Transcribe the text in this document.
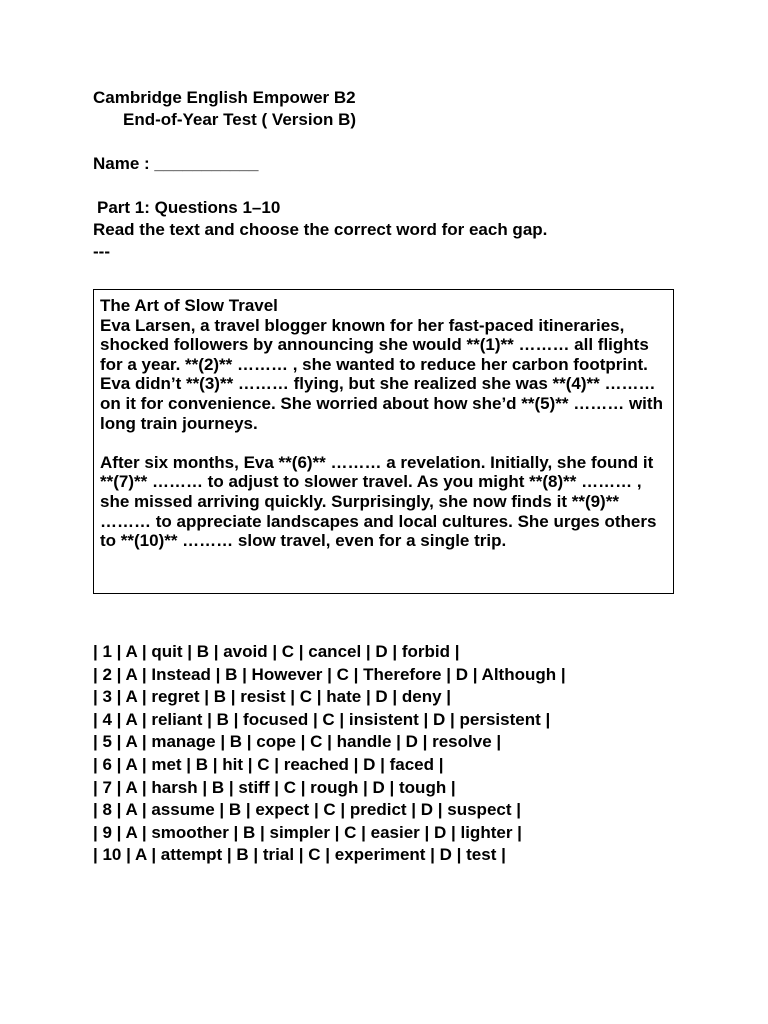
Cambridge English Empower B2
End-of-Year Test ( Version B)
Name : ___________
Part 1: Questions 1–10
Read the text and choose the correct word for each gap.
---

The Art of Slow Travel

Eva Larsen, a travel blogger known for her fast-paced itineraries, shocked followers by announcing she would **(1)** ……… all flights for a year. **(2)** ……… , she wanted to reduce her carbon footprint. Eva didn’t **(3)** ……… flying, but she realized she was **(4)** ……… on it for convenience. She worried about how she’d **(5)** ……… with long train journeys.

After six months, Eva **(6)** ……… a revelation. Initially, she found it **(7)** ……… to adjust to slower travel. As you might **(8)** ……… , she missed arriving quickly. Surprisingly, she now finds it **(9)** ……… to appreciate landscapes and local cultures. She urges others to **(10)** ……… slow travel, even for a single trip.

| 1 | A | quit | B | avoid | C | cancel | D | forbid |
| 2 | A | Instead | B | However | C | Therefore | D | Although |
| 3 | A | regret | B | resist | C | hate | D | deny |
| 4 | A | reliant | B | focused | C | insistent | D | persistent |
| 5 | A | manage | B | cope | C | handle | D | resolve |
| 6 | A | met | B | hit | C | reached | D | faced |
| 7 | A | harsh | B | stiff | C | rough | D | tough |
| 8 | A | assume | B | expect | C | predict | D | suspect |
| 9 | A | smoother | B | simpler | C | easier | D | lighter |
| 10 | A | attempt | B | trial | C | experiment | D | test |
